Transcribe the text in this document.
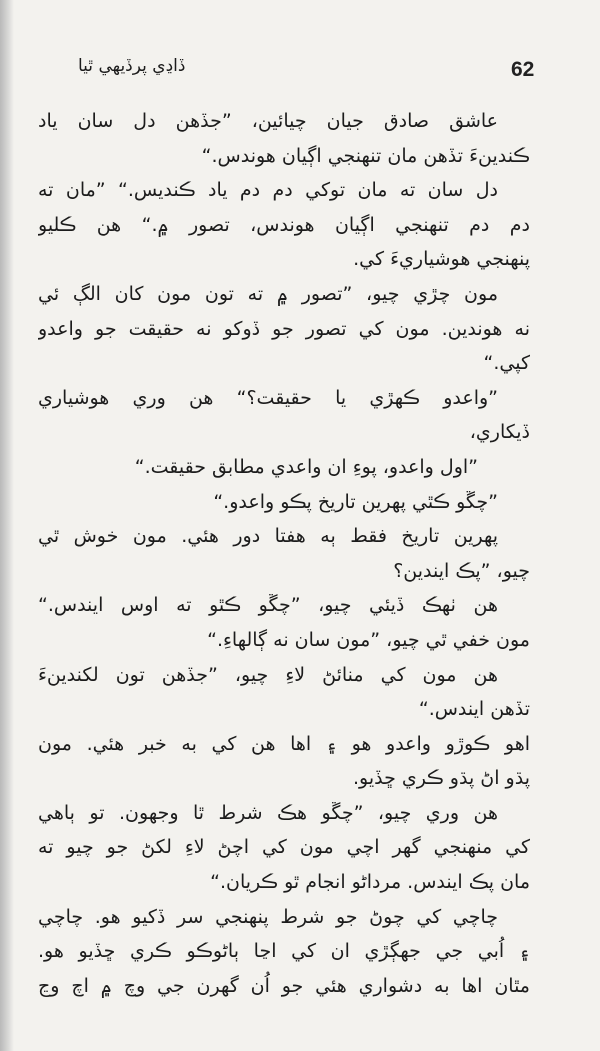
ڏاڍي پرڏيهي ٿيا	62
عاشق صادق جيان چيائين، ”جڏهن دل سان ياد
ڪندينءَ تڏهن مان تنهنجي اڳيان هوندس.“
دل سان ته مان توکي دم دم ياد ڪنديس.“ ”مان ته
دم دم تنهنجي اڳيان هوندس، تصور ۾.“ هن ڪليو
پنهنجي هوشياريءَ کي.
مون چڙي چيو، ”تصور ۾ ته تون مون کان الڳ ئي
نه هوندين. مون کي تصور جو ڏوکو نه حقيقت جو واعدو
کپي.“
”واعدو ڪهڙي يا حقيقت؟“ هن وري هوشياري
ڏيکاري،
”اول واعدو، پوءِ ان واعدي مطابق حقيقت.“
”چڱو ڪٿي پهرين تاريخ پڪو واعدو.“
پهرين تاريخ فقط ٻه هفتا دور هئي. مون خوش ٿي
چيو، ”پڪ ايندين؟
هن ٺهڪ ڏيئي چيو، ”چڱو ڪٿو ته اوس ايندس.“
مون خفي ٿي چيو، ”مون سان نه ڳالهاءِ.“
هن مون کي منائڻ لاءِ چيو، ”جڏهن تون لکندينءَ
تڏهن ايندس.“
اهو ڪوڙو واعدو هو ۽ اها هن کي به خبر هئي. مون
پڌو اڻ پڌو ڪري ڇڏيو.
هن وري چيو، ”چڱو هڪ شرط ٿا وجهون. تو ٻاهي
کي منهنجي گهر اچي مون کي اچڻ لاءِ لکڻ جو چيو ته
مان پڪ ايندس. مرداڻو انجام ٿو ڪريان.“
چاچي کي چوڻ جو شرط پنهنجي سر ڏکيو هو. چاچي
۽ اُبي جي جهڳڙي ان کي اڃا ٻاڻوڪو ڪري ڇڏيو هو.
مٿان اها به دشواري هئي جو اُن گهرن جي وچ ۾ اچ وڃ
